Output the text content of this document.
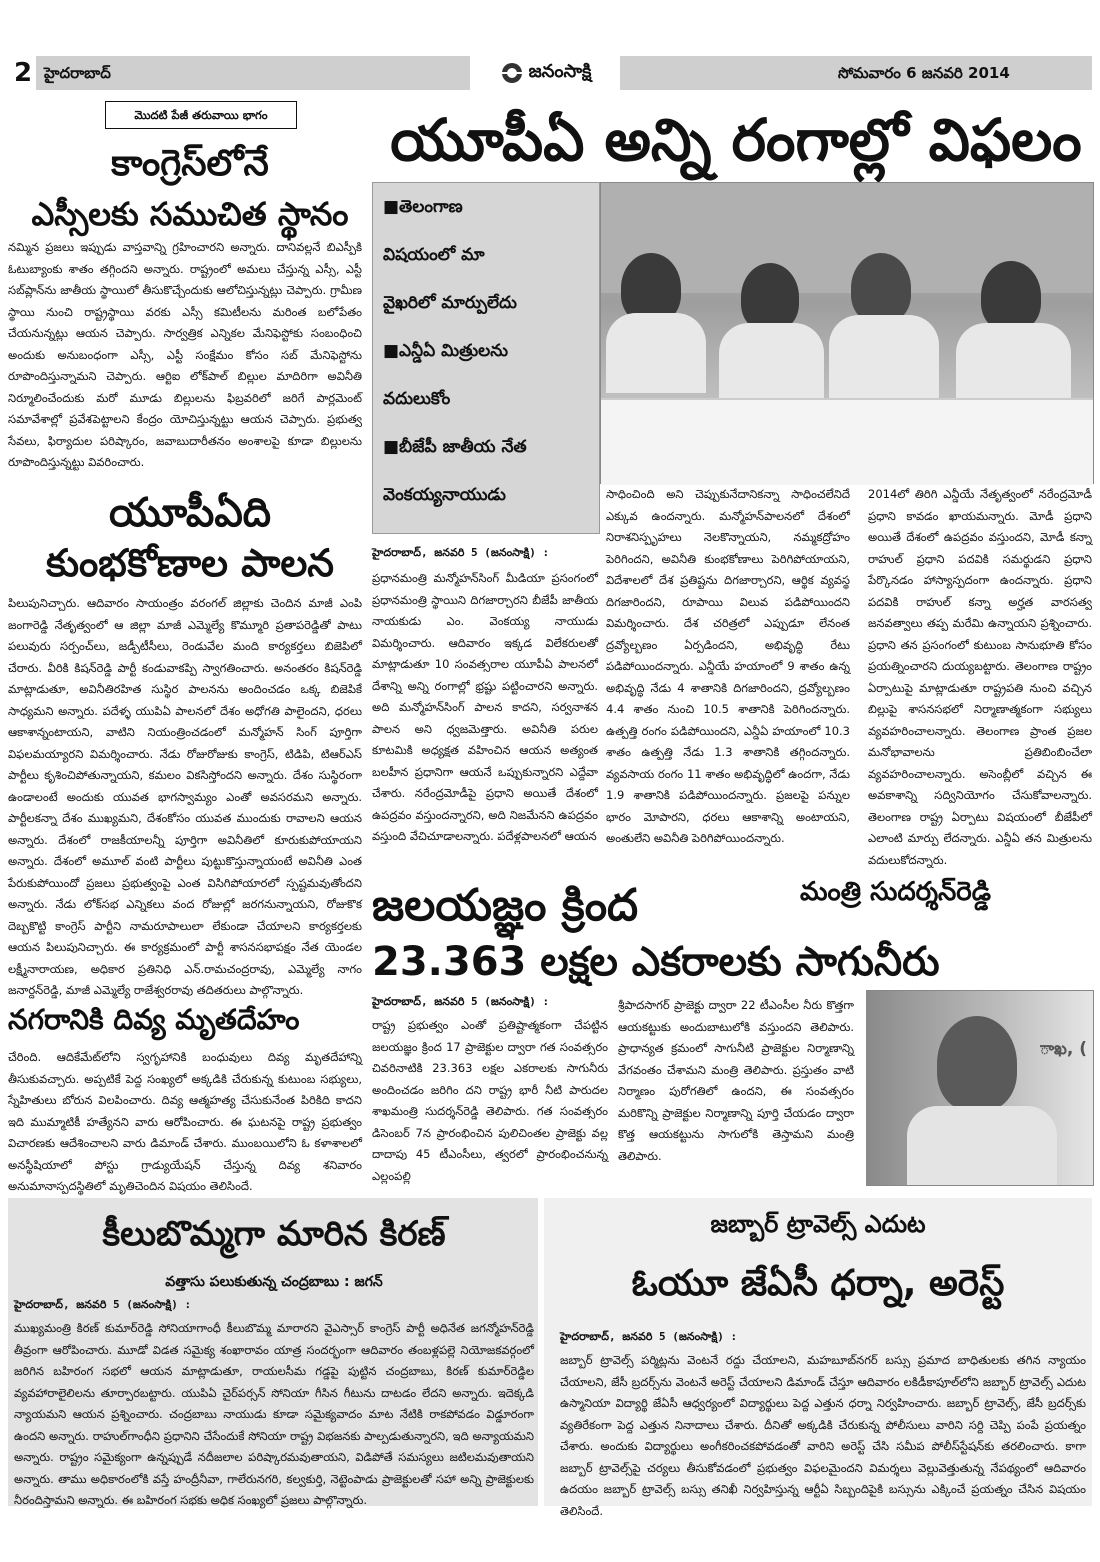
2 హైదరాబాద్	జనంసాక్షి	సోమవారం 6 జనవరి 2014
మొదటి పేజీ తరువాయి భాగం
కాంగ్రెస్‌లోనే
ఎస్సీలకు సముచిత స్థానం
నమ్మిన ప్రజలు ఇప్పుడు వాస్తవాన్ని గ్రహించారని అన్నారు. దానివల్లనే బిఎస్పీకి ఓటుబ్యాంకు శాతం తగ్గిందని అన్నారు. రాష్ట్రంలో అమలు చేస్తున్న ఎస్సీ, ఎస్టీ సబ్‌ప్లాన్‌ను జాతీయ స్థాయిలో తీసుకొచ్చేందుకు ఆలోచిస్తున్నట్లు చెప్పారు. గ్రామీణ స్థాయి నుంచి రాష్ట్రస్థాయి వరకు ఎస్సీ కమిటీలను మరింత బలోపేతం చేయనున్నట్లు ఆయన చెప్పారు. సార్వత్రిక ఎన్నికల మేనిఫెస్టోకు సంబంధించి అందుకు అనుబంధంగా ఎస్సీ, ఎస్టీ సంక్షేమం కోసం సబ్ మేనిఫెస్టోను రూపొందిస్తున్నామని చెప్పారు. ఆర్టిఐ లోక్‌పాల్ బిల్లుల మాదిరిగా అవినీతి నిర్మూలించేందుకు మరో మూడు బిల్లులను ఫిబ్రవరిలో జరిగే పార్లమెంట్ సమావేశాల్లో ప్రవేశపెట్టాలని కేంద్రం యోచిస్తున్నట్టు ఆయన చెప్పారు. ప్రభుత్వ సేవలు, ఫిర్యాదుల పరిష్కారం, జవాబుదారీతనం అంశాలపై కూడా బిల్లులను రూపొందిస్తున్నట్టు వివరించారు.
యూపీఏది
కుంభకోణాల పాలన
పిలుపునిచ్చారు. ఆదివారం సాయంత్రం వరంగల్ జిల్లాకు చెందిన మాజీ ఎంపి జంగారెడ్డి నేతృత్వంలో ఆ జిల్లా మాజీ ఎమ్మెల్యే కొమ్మూరి ప్రతాపరెడ్డితో పాటు పలువురు సర్పంచ్‌లు, జడ్పీటీసీలు, రెండువేల మంది కార్యకర్తలు బిజెపిలో చేరారు. వీరికి కిషన్‌రెడ్డి పార్టీ కండువాకప్పి స్వాగతించారు. అనంతరం కిషన్‌రెడ్డి మాట్లాడుతూ, అవినీతిరహిత సుస్థిర పాలనను అందించడం ఒక్క బిజెపికే సాధ్యమని అన్నారు. పదేళ్ళ యుపిఏ పాలనలో దేశం అధోగతి పాలైందని, ధరలు ఆకాశాన్నంటాయని, వాటిని నియంత్రించడంలో మన్మోహన్ సింగ్ పూర్తిగా విఫలమయ్యారని విమర్శించారు. నేడు రోజురోజుకు కాంగ్రెస్, టిడిపి, టిఆర్ఎస్ పార్టీలు కృశించిపోతున్నాయని, కమలం వికసిస్తోందని అన్నారు. దేశం సుస్థిరంగా ఉండాలంటే అందుకు యువత భాగస్వామ్యం ఎంతో అవసరమని అన్నారు. పార్టీలకన్నా దేశం ముఖ్యమని, దేశంకోసం యువత ముందుకు రావాలని ఆయన అన్నారు. దేశంలో రాజకీయాలన్నీ పూర్తిగా అవినీతిలో కూరుకుపోయాయని అన్నారు. దేశంలో అమూల్ వంటి పార్టీలు పుట్టుకొస్తున్నాయంటే అవినీతి ఎంత పేరుకుపోయిందో ప్రజలు ప్రభుత్వంపై ఎంత విసిగిపోయారలో స్పష్టమవుతోందని అన్నారు. నేడు లోక్‌సభ ఎన్నికలు వంద రోజుల్లో జరగనున్నాయని, రోజుకొక దెబ్బకొట్టి కాంగ్రెస్ పార్టీని నామరూపాలులా లేకుండా చేయాలని కార్యకర్తలకు ఆయన పిలుపునిచ్చారు. ఈ కార్యక్రమంలో పార్టీ శాసనసభాపక్షం నేత యెండల లక్ష్మీనారాయణ, అధికార ప్రతినిధి ఎన్.రామచంద్రరావు, ఎమ్మెల్యే నాగం జనార్దన్‌రెడ్డి, మాజీ ఎమ్మెల్యే రాజేశ్వరరావు తదితరులు పాల్గొన్నారు.
నగరానికి దివ్య మృతదేహం
చేరింది. ఆదికేమేట్‌లోని స్వగృహానికి బంధువులు దివ్య మృతదేహాన్ని తీసుకువచ్చారు. అప్పటికే పెద్ద సంఖ్యలో అక్కడికి చేరుకున్న కుటుంబ సభ్యులు, స్నేహితులు బోరున విలపించారు. దివ్య ఆత్మహత్య చేసుకునేంత పిరికిది కాదని ఇది ముమ్మాటికీ హత్యేనని వారు ఆరోపించారు. ఈ ఘటనపై రాష్ట్ర ప్రభుత్వం విచారణకు ఆదేశించాలని వారు డిమాండ్ చేశారు. ముంబయిలోని ఓ కళాశాలలో అనస్థీషియాలో పోస్టు గ్రాడ్యుయేషన్ చేస్తున్న దివ్య శనివారం అనుమానాస్పదస్థితిలో మృతిచెందిన విషయం తెలిసిందే.
యూపీఏ అన్ని రంగాల్లో విఫలం
■తెలంగాణ
విషయంలో మా
వైఖరిలో మార్పులేదు
■ఎన్డీఏ మిత్రులను
వదులుకోం
■బీజేపీ జాతీయ నేత
వెంకయ్యనాయుడు
హైదరాబాద్, జనవరి 5 (జనంసాక్షి) :
ప్రధానమంత్రి మన్మోహన్‌సింగ్ మీడియా ప్రసంగంలో ప్రధానమంత్రి స్థాయిని దిగజార్చారని బీజేపీ జాతీయ నాయకుడు ఎం. వెంకయ్య నాయుడు విమర్శించారు. ఆదివారం ఇక్కడ విలేకరులతో మాట్లాడుతూ 10 సంవత్సరాల యూపీఏ పాలనలో దేశాన్ని అన్ని రంగాల్లో భ్రష్టు పట్టించారని అన్నారు. అది మన్మోహన్‌సింగ్ పాలన కాదని, సర్వనాశన పాలన అని ధ్వజమెత్తారు. అవినీతి పరుల కూటమికి అధ్యక్షత వహించిన ఆయన అత్యంత బలహీన ప్రధానిగా ఆయనే ఒప్పుకున్నారని ఎద్దేవా చేశారు. నరేంద్రమోడీపై ప్రధాని అయితే దేశంలో ఉపద్రవం వస్తుందన్నారని, అది నిజమేనని ఉపద్రవం వస్తుంది వేచిచూడాలన్నారు. పదేళ్లపాలనలో ఆయన
సాధించింది అని చెప్పుకునేదానికన్నా సాధించలేనిదే ఎక్కువ ఉందన్నారు. మన్మోహన్‌పాలనలో దేశంలో నిరాశనిస్పృహలు నెలకొన్నాయని, నమ్మకద్రోహం పెరిగిందని, అవినీతి కుంభకోణాలు పెరిగిపోయాయని, విదేశాలలో దేశ ప్రతిష్టను దిగజార్చారని, ఆర్థిక వ్యవస్థ దిగజారిందని, రూపాయి విలువ పడిపోయిందని విమర్శించారు. దేశ చరిత్రలో ఎప్పుడూ లేనంత ద్రవ్యోల్బణం ఏర్పడిందని, అభివృద్ధి రేటు పడిపోయిందన్నారు. ఎన్డీయే హయాంలో 9 శాతం ఉన్న అభివృద్ధి నేడు 4 శాతానికి దిగజారిందని, ద్రవ్యోల్బణం 4.4 శాతం నుంచి 10.5 శాతానికి పెరిగిందన్నారు. ఉత్పత్తి రంగం పడిపోయిందని, ఎన్డీఏ హయాంలో 10.3 శాతం ఉత్పత్తి నేడు 1.3 శాతానికి తగ్గిందన్నారు. వ్యవసాయ రంగం 11 శాతం అభివృద్ధిలో ఉందగా, నేడు 1.9 శాతానికి పడిపోయిందన్నారు. ప్రజలపై పన్నుల భారం మోపారని, ధరలు ఆకాశాన్ని అంటాయని, అంతులేని అవినీతి పెరిగిపోయిందన్నారు.
2014లో తిరిగి ఎన్డీయే నేతృత్వంలో నరేంద్రమోడీ ప్రధాని కావడం ఖాయమన్నారు. మోడీ ప్రధాని అయితే దేశంలో ఉపద్రవం వస్తుందని, మోడీ కన్నా రాహుల్ ప్రధాని పదవికి సమర్థుడని ప్రధాని పేర్కొనడం హాస్యాస్పదంగా ఉందన్నారు. ప్రధాని పదవికి రాహుల్ కన్నా అర్హత వారసత్వ జనవత్వాలు తప్ప మరేమి ఉన్నాయని ప్రశ్నించారు. ప్రధాని తన ప్రసంగంలో కుటుంబ సానుభూతి కోసం ప్రయత్నించారని దుయ్యబట్టారు. తెలంగాణ రాష్ట్రం ఏర్పాటుపై మాట్లాడుతూ రాష్ట్రపతి నుంచి వచ్చిన బిల్లుపై శాసనసభలో నిర్మాణాత్మకంగా సభ్యులు వ్యవహరించాలన్నారు. తెలంగాణ ప్రాంత ప్రజల మనోభావాలను ప్రతిబింబించేలా వ్యవహరించాలన్నారు. అసెంబ్లీలో వచ్చిన ఈ అవకాశాన్ని సద్వినియోగం చేసుకోవాలన్నారు. తెలంగాణ రాష్ట్ర ఏర్పాటు విషయంలో బీజేపీలో ఎలాంటి మార్పు లేదన్నారు. ఎన్డీఏ తన మిత్రులను వదులుకోదన్నారు.
జలయజ్ఞం క్రింద	మంత్రి సుదర్శన్‌రెడ్డి
23.363 లక్షల ఎకరాలకు సాగునీరు
హైదరాబాద్, జనవరి 5 (జనంసాక్షి) :
రాష్ట్ర ప్రభుత్వం ఎంతో ప్రతిష్టాత్మకంగా చేపట్టిన జలయజ్ఞం క్రింద 17 ప్రాజెక్టుల ద్వారా గత సంవత్సరం చివరినాటికి 23.363 లక్షల ఎకరాలకు సాగునీరు అందించడం జరిగిం దని రాష్ట్ర భారీ నీటి పారుదల శాఖమంత్రి సుదర్శన్‌రెడ్డి తెలిపారు. గత సంవత్సరం డిసెంబర్ 7న ప్రారంభించిన పులిచింతల ప్రాజెక్టు వల్ల దాదాపు 45 టీఎంసీలు, త్వరలో ప్రారంభించనున్న ఎల్లంపల్లి
శ్రీపాదసాగర్ ప్రాజెక్టు ద్వారా 22 టీఎంసీల నీరు కొత్తగా ఆయకట్టుకు అందుబాటులోకి వస్తుందని తెలిపారు. ప్రాధాన్యత క్రమంలో సాగునీటి ప్రాజెక్టుల నిర్మాణాన్ని వేగవంతం చేశామని మంత్రి తెలిపారు. ప్రస్తుతం వాటి నిర్మాణం పురోగతిలో ఉందని, ఈ సంవత్సరం మరికొన్ని ప్రాజెక్టుల నిర్మాణాన్ని పూర్తి చేయడం ద్వారా కొత్త ఆయకట్టును సాగులోకి తెస్తామని మంత్రి తెలిపారు.
ాఖ, (
కీలుబొమ్మగా మారిన కిరణ్
వత్తాసు పలుకుతున్న చంద్రబాబు : జగన్
హైదరాబాద్, జనవరి 5 (జనంసాక్షి) :
ముఖ్యమంత్రి కిరణ్ కుమార్‌రెడ్డి సోనియాగాంధీ కీలుబొమ్మ మారారని వైఎస్సార్ కాంగ్రెస్ పార్టీ అధినేత జగన్మోహన్‌రెడ్డి తీవ్రంగా ఆరోపించారు. మూడో విడత సమైక్య శంఖారావం యాత్ర సందర్భంగా ఆదివారం తంబళ్లపల్లె నియోజకవర్గంలో జరిగిన బహిరంగ సభలో ఆయన మాట్లాడుతూ, రాయలసీమ గడ్డపై పుట్టిన చంద్రబాబు, కిరణ్ కుమార్‌రెడ్డిల వ్యవహారాలైలిలను తూర్పారబట్టారు. యుపిఏ చైర్‌పర్సన్ సోనియా గీసిన గీటును దాటడం లేదని అన్నారు. ఇదెక్కడి న్యాయమని ఆయన ప్రశ్నించారు. చంద్రబాబు నాయుడు కూడా సమైక్యవాదం మాట నేటికి రాకపోవడం విడ్డూరంగా ఉందని అన్నారు. రాహుల్‌గాంధీని ప్రధానిని చేసేందుకే సోనియా రాష్ట్ర విభజనకు పాల్పడుతున్నారని, ఇది అన్యాయమని అన్నారు. రాష్ట్రం సమైక్యంగా ఉన్నప్పుడే నదీజలాల పరిష్కారమవుతాయని, విడిపోతే సమస్యలు జటిలమవుతాయని అన్నారు. తాము అధికారంలోకి వస్తే హంద్రీనీవా, గాలేరునగరి, కల్వకుర్తి, నెట్టెంపాడు ప్రాజెక్టులతో సహా అన్ని ప్రాజెక్టులకు నీరందిస్తామని అన్నారు. ఈ బహిరంగ సభకు అధిక సంఖ్యలో ప్రజలు పాల్గొన్నారు.
జబ్బార్ ట్రావెల్స్ ఎదుట
ఓయూ జేఏసీ ధర్నా, అరెస్ట్
హైదరాబాద్, జనవరి 5 (జనంసాక్షి) :
జబ్బార్ ట్రావెల్స్ పర్మిట్లను వెంటనే రద్దు చేయాలని, మహబూబ్‌నగర్ బస్సు ప్రమాద బాధితులకు తగిన న్యాయం చేయాలని, జేసీ బ్రదర్స్‌ను వెంటనే అరెస్ట్ చేయాలని డిమాండ్ చేస్తూ ఆదివారం లకిడీకాపూల్‌లోని జబ్బార్ ట్రావెల్స్ ఎదుట ఉస్మానియా విద్యార్థి జేఏసీ ఆధ్వర్యంలో విద్యార్థులు పెద్ద ఎత్తున ధర్నా నిర్వహించారు. జబ్బార్ ట్రావెల్స్, జేసీ బ్రదర్స్‌కు వ్యతిరేకంగా పెద్ద ఎత్తున నినాదాలు చేశారు. దీనితో అక్కడికి చేరుకున్న పోలీసులు వారిని సర్ది చెప్పి పంపే ప్రయత్నం చేశారు. అందుకు విద్యార్థులు అంగీకరించకపోవడంతో వారిని అరెస్ట్ చేసి సమీప పోలీస్‌స్టేషన్‌కు తరలించారు. కాగా జబ్బార్ ట్రావెల్స్‌పై చర్యలు తీసుకోవడంలో ప్రభుత్వం విఫలమైందని విమర్శలు వెల్లువెత్తుతున్న నేపథ్యంలో ఆదివారం ఉదయం జబ్బార్ ట్రావెల్స్ బస్సు తనిఖీ నిర్వహిస్తున్న ఆర్టీఏ సిబ్బందిపైకి బస్సును ఎక్కించే ప్రయత్నం చేసిన విషయం తెలిసిందే.
